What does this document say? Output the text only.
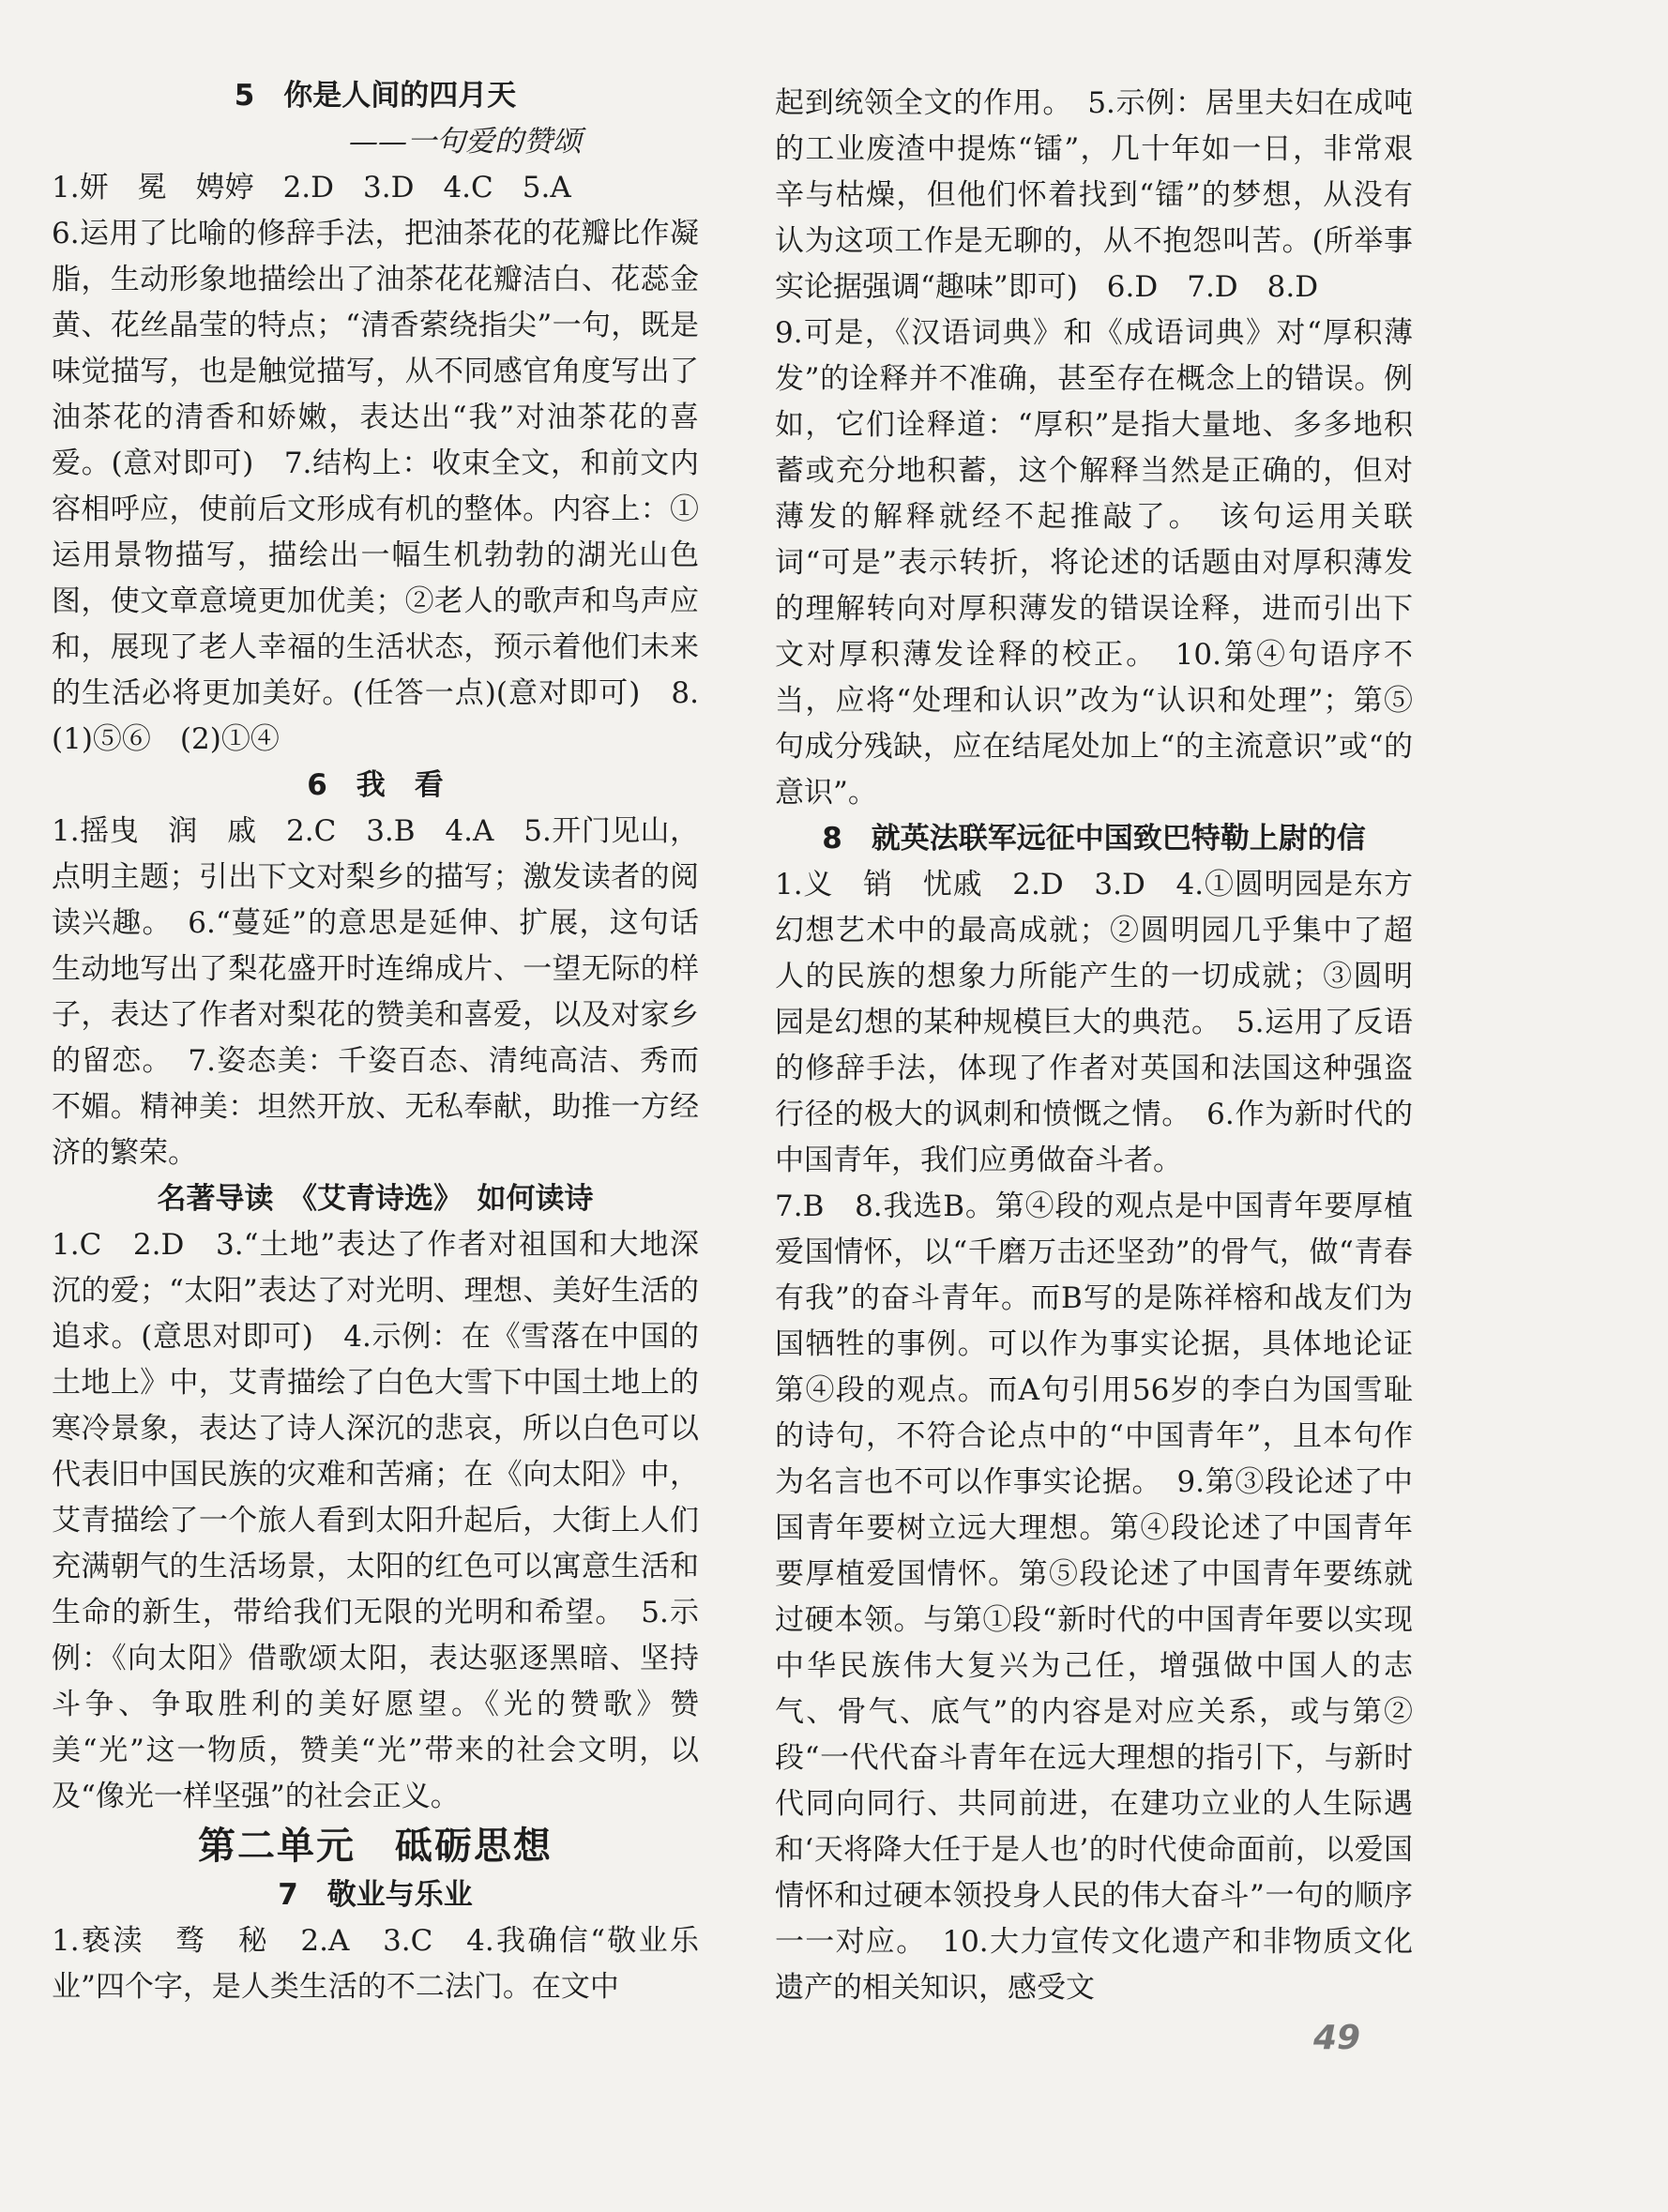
5　你是人间的四月天

——一句爱的赞颂

1.妍　冕　娉婷　2.D　3.D　4.C　5.A

6.运用了比喻的修辞手法，把油茶花的花瓣比作凝脂，生动形象地描绘出了油茶花花瓣洁白、花蕊金黄、花丝晶莹的特点；“清香萦绕指尖”一句，既是味觉描写，也是触觉描写，从不同感官角度写出了油茶花的清香和娇嫩，表达出“我”对油茶花的喜爱。(意对即可)　7.结构上：收束全文，和前文内容相呼应，使前后文形成有机的整体。内容上：①运用景物描写，描绘出一幅生机勃勃的湖光山色图，使文章意境更加优美；②老人的歌声和鸟声应和，展现了老人幸福的生活状态，预示着他们未来的生活必将更加美好。(任答一点)(意对即可)　8.(1)⑤⑥　(2)①④

6　我　看

1.摇曳　润　戚　2.C　3.B　4.A　5.开门见山，点明主题；引出下文对梨乡的描写；激发读者的阅读兴趣。　6.“蔓延”的意思是延伸、扩展，这句话生动地写出了梨花盛开时连绵成片、一望无际的样子，表达了作者对梨花的赞美和喜爱，以及对家乡的留恋。　7.姿态美：千姿百态、清纯高洁、秀而不媚。精神美：坦然开放、无私奉献，助推一方经济的繁荣。

名著导读　《艾青诗选》　如何读诗

1.C　2.D　3.“土地”表达了作者对祖国和大地深沉的爱；“太阳”表达了对光明、理想、美好生活的追求。(意思对即可)　4.示例：在《雪落在中国的土地上》中，艾青描绘了白色大雪下中国土地上的寒冷景象，表达了诗人深沉的悲哀，所以白色可以代表旧中国民族的灾难和苦痛；在《向太阳》中，艾青描绘了一个旅人看到太阳升起后，大街上人们充满朝气的生活场景，太阳的红色可以寓意生活和生命的新生，带给我们无限的光明和希望。　5.示例：《向太阳》借歌颂太阳，表达驱逐黑暗、坚持斗争、争取胜利的美好愿望。《光的赞歌》赞美“光”这一物质，赞美“光”带来的社会文明，以及“像光一样坚强”的社会正义。

第二单元　砥砺思想

7　敬业与乐业

1.亵渎　骛　秘　2.A　3.C　4.我确信“敬业乐业”四个字，是人类生活的不二法门。在文中

起到统领全文的作用。　5.示例：居里夫妇在成吨的工业废渣中提炼“镭”，几十年如一日，非常艰辛与枯燥，但他们怀着找到“镭”的梦想，从没有认为这项工作是无聊的，从不抱怨叫苦。(所举事实论据强调“趣味”即可)　6.D　7.D　8.D

9.可是，《汉语词典》和《成语词典》对“厚积薄发”的诠释并不准确，甚至存在概念上的错误。例如，它们诠释道：“厚积”是指大量地、多多地积蓄或充分地积蓄，这个解释当然是正确的，但对薄发的解释就经不起推敲了。　该句运用关联词“可是”表示转折，将论述的话题由对厚积薄发的理解转向对厚积薄发的错误诠释，进而引出下文对厚积薄发诠释的校正。　10.第④句语序不当，应将“处理和认识”改为“认识和处理”；第⑤句成分残缺，应在结尾处加上“的主流意识”或“的意识”。

8　就英法联军远征中国致巴特勒上尉的信

1.义　销　忧戚　2.D　3.D　4.①圆明园是东方幻想艺术中的最高成就；②圆明园几乎集中了超人的民族的想象力所能产生的一切成就；③圆明园是幻想的某种规模巨大的典范。　5.运用了反语的修辞手法，体现了作者对英国和法国这种强盗行径的极大的讽刺和愤慨之情。　6.作为新时代的中国青年，我们应勇做奋斗者。

7.B　8.我选B。第④段的观点是中国青年要厚植爱国情怀，以“千磨万击还坚劲”的骨气，做“青春有我”的奋斗青年。而B写的是陈祥榕和战友们为国牺牲的事例。可以作为事实论据，具体地论证第④段的观点。而A句引用56岁的李白为国雪耻的诗句，不符合论点中的“中国青年”，且本句作为名言也不可以作事实论据。　9.第③段论述了中国青年要树立远大理想。第④段论述了中国青年要厚植爱国情怀。第⑤段论述了中国青年要练就过硬本领。与第①段“新时代的中国青年要以实现中华民族伟大复兴为己任，增强做中国人的志气、骨气、底气”的内容是对应关系，或与第②段“一代代奋斗青年在远大理想的指引下，与新时代同向同行、共同前进，在建功立业的人生际遇和‘天将降大任于是人也’的时代使命面前，以爱国情怀和过硬本领投身人民的伟大奋斗”一句的顺序一一对应。　10.大力宣传文化遗产和非物质文化遗产的相关知识，感受文

49
